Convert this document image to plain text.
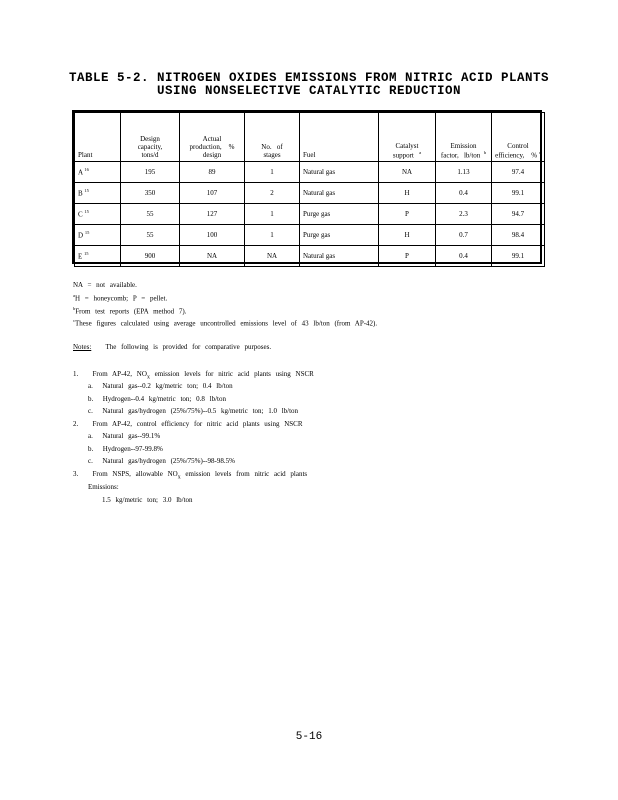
TABLE 5-2. NITROGEN OXIDES EMISSIONS FROM NITRIC ACID PLANTS
USING NONSELECTIVE CATALYTIC REDUCTION
Plant	Design
capacity,
tons/d	Actual
production, %
design	No. of
stages	Fuel	Catalyst
support $^a$	Emission
factor, lb/ton $^b$	Control
efficiency, % $^c$
A $^{16}$	195	89	1	Natural gas	NA	1.13	97.4
B $^{15}$	350	107	2	Natural gas	H	0.4	99.1
C $^{15}$	55	127	1	Purge gas	P	2.3	94.7
D $^{15}$	55	100	1	Purge gas	H	0.7	98.4
E $^{15}$	900	NA	NA	Natural gas	P	0.4	99.1
NA = not available.
$^a$H = honeycomb; P = pellet.
$^b$From test reports (EPA method 7).
$^c$These figures calculated using average uncontrolled emissions level of 43 lb/ton (from AP-42).
Notes: The following is provided for comparative purposes.
1. From AP-42, $NO_x$ emission levels for nitric acid plants using NSCR
a. Natural gas--0.2 kg/metric ton; 0.4 lb/ton
b. Hydrogen--0.4 kg/metric ton; 0.8 lb/ton
c. Natural gas/hydrogen (25%/75%)--0.5 kg/metric ton; 1.0 lb/ton
2. From AP-42, control efficiency for nitric acid plants using NSCR
a. Natural gas--99.1%
b. Hydrogen--97-99.8%
c. Natural gas/hydrogen (25%/75%)--98-98.5%
3. From NSPS, allowable $NO_x$ emission levels from nitric acid plants
Emissions:
1.5 kg/metric ton; 3.0 lb/ton
5-16
